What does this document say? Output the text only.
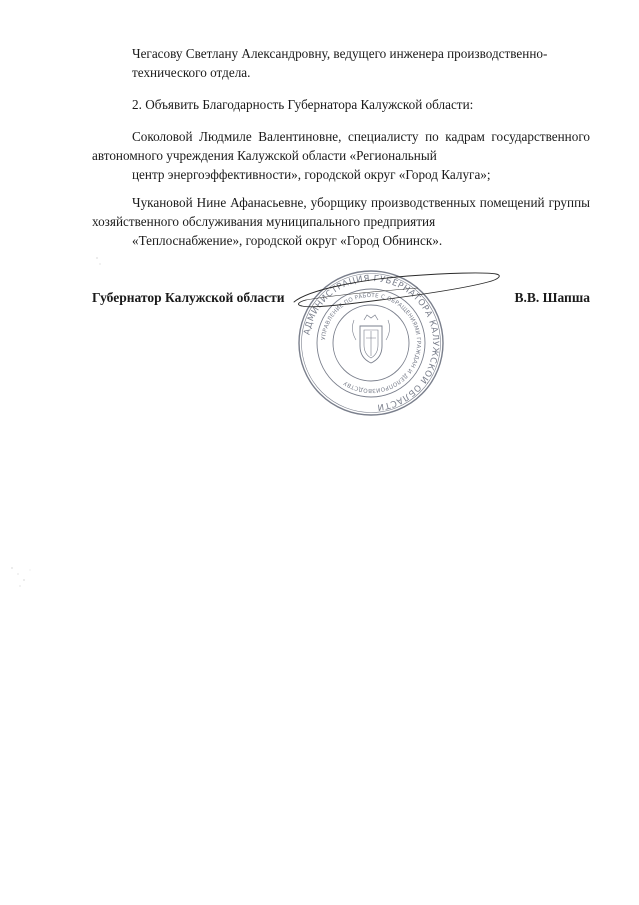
Чегасову Светлану Александровну, ведущего инженера производственно-
технического отдела.

2. Объявить Благодарность Губернатора Калужской области:

Соколовой Людмиле Валентиновне, специалисту по кадрам государственного автономного учреждения Калужской области «Региональный
центр энергоэффективности», городской округ «Город Калуга»;

Чукановой Нине Афанасьевне, уборщику производственных помещений группы хозяйственного обслуживания муниципального предприятия
«Теплоснабжение», городской округ «Город Обнинск».

АДМИНИСТРАЦИЯ ГУБЕРНАТОРА КАЛУЖСКОЙ ОБЛАСТИ
УПРАВЛЕНИЕ ПО РАБОТЕ С ОБРАЩЕНИЯМИ ГРАЖДАН И ДЕЛОПРОИЗВОДСТВУ
Губернатор Калужской области	В.В. Шапша
